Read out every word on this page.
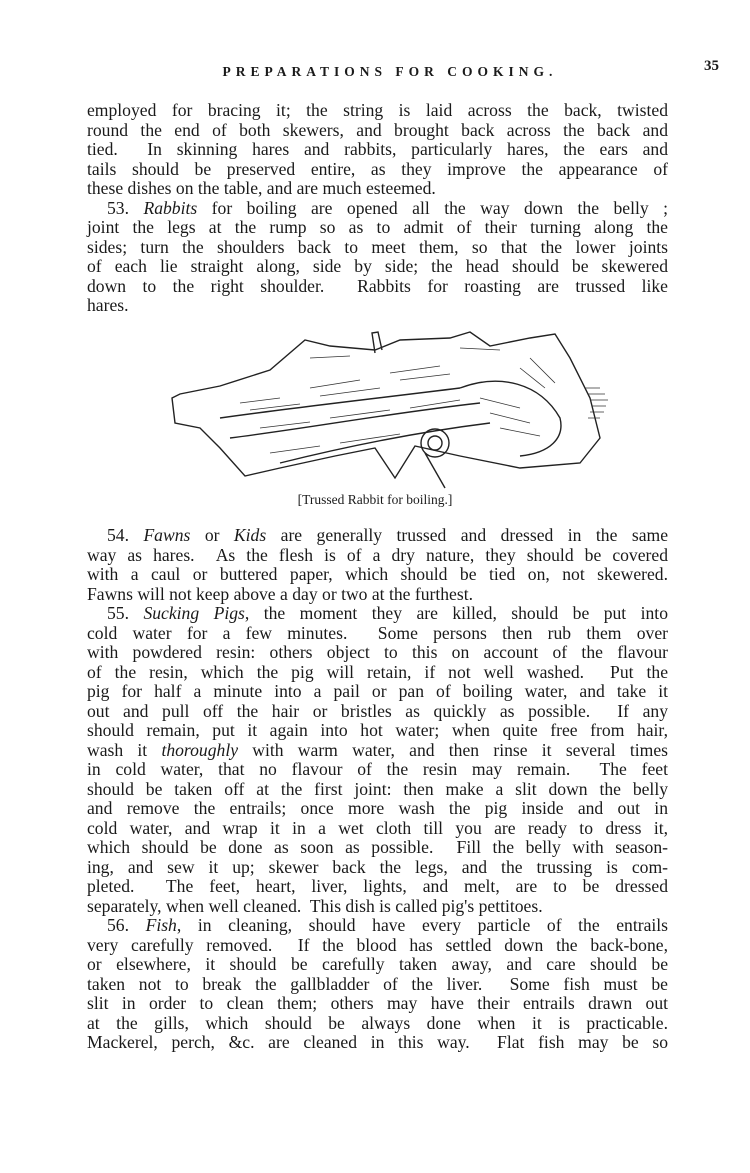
PREPARATIONS FOR COOKING.	35
employed for bracing it; the string is laid across the back, twisted
round the end of both skewers, and brought back across the back and
tied.  In skinning hares and rabbits, particularly hares, the ears and
tails should be preserved entire, as they improve the appearance of
these dishes on the table, and are much esteemed.
53. Rabbits for boiling are opened all the way down the belly ;
joint the legs at the rump so as to admit of their turning along the
sides; turn the shoulders back to meet them, so that the lower joints
of each lie straight along, side by side; the head should be skewered
down to the right shoulder.  Rabbits for roasting are trussed like
hares.
[Trussed Rabbit for boiling.]
54. Fawns or Kids are generally trussed and dressed in the same
way as hares.  As the flesh is of a dry nature, they should be covered
with a caul or buttered paper, which should be tied on, not skewered.
Fawns will not keep above a day or two at the furthest.
55. Sucking Pigs, the moment they are killed, should be put into
cold water for a few minutes.  Some persons then rub them over
with powdered resin: others object to this on account of the flavour
of the resin, which the pig will retain, if not well washed.  Put the
pig for half a minute into a pail or pan of boiling water, and take it
out and pull off the hair or bristles as quickly as possible.  If any
should remain, put it again into hot water; when quite free from hair,
wash it thoroughly with warm water, and then rinse it several times
in cold water, that no flavour of the resin may remain.  The feet
should be taken off at the first joint: then make a slit down the belly
and remove the entrails; once more wash the pig inside and out in
cold water, and wrap it in a wet cloth till you are ready to dress it,
which should be done as soon as possible.  Fill the belly with season-
ing, and sew it up; skewer back the legs, and the trussing is com-
pleted.  The feet, heart, liver, lights, and melt, are to be dressed
separately, when well cleaned.  This dish is called pig's pettitoes.
56. Fish, in cleaning, should have every particle of the entrails
very carefully removed.  If the blood has settled down the back-bone,
or elsewhere, it should be carefully taken away, and care should be
taken not to break the gallbladder of the liver.  Some fish must be
slit in order to clean them; others may have their entrails drawn out
at the gills, which should be always done when it is practicable.
Mackerel, perch, &c. are cleaned in this way.  Flat fish may be so
